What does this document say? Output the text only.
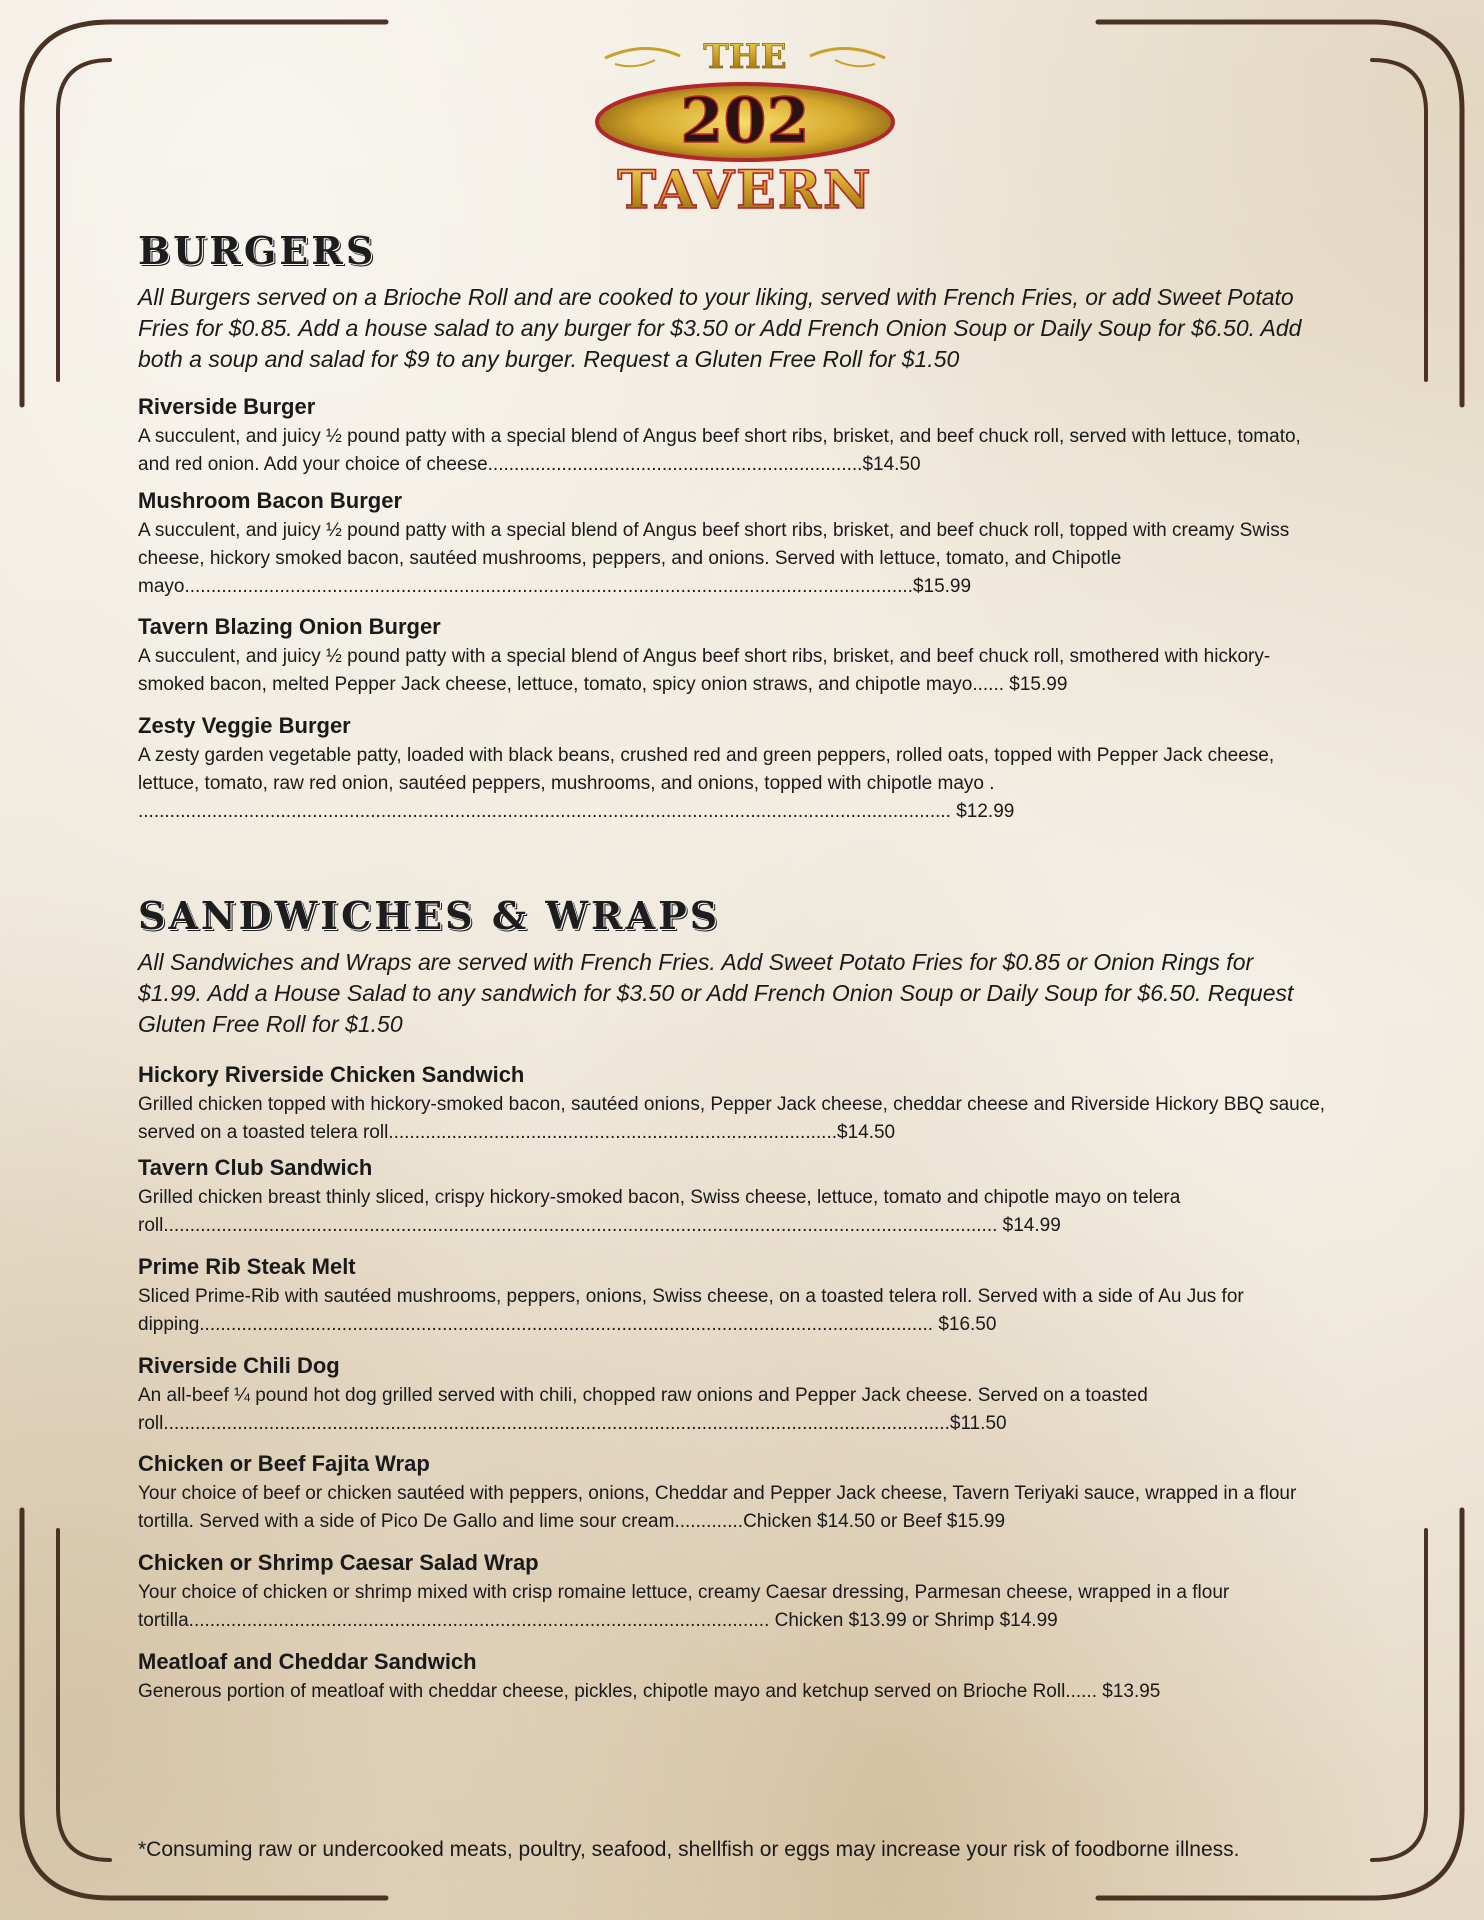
THE
202
TAVERN
BURGERS

All Burgers served on a Brioche Roll and are cooked to your liking, served with French Fries, or add Sweet Potato Fries for $0.85. Add a house salad to any burger for $3.50 or Add French Onion Soup or Daily Soup for $6.50. Add both a soup and salad for $9 to any burger. Request a Gluten Free Roll for $1.50

Riverside Burger
A succulent, and juicy ½ pound patty with a special blend of Angus beef short ribs, brisket, and beef chuck roll, served with lettuce, tomato, and red onion. Add your choice of cheese.......................................................................$14.50
Mushroom Bacon Burger
A succulent, and juicy ½ pound patty with a special blend of Angus beef short ribs, brisket, and beef chuck roll, topped with creamy Swiss cheese, hickory smoked bacon, sautéed mushrooms, peppers, and onions. Served with lettuce, tomato, and Chipotle mayo..........................................................................................................................................$15.99
Tavern Blazing Onion Burger
A succulent, and juicy ½ pound patty with a special blend of Angus beef short ribs, brisket, and beef chuck roll, smothered with hickory-smoked bacon, melted Pepper Jack cheese, lettuce, tomato, spicy onion straws, and chipotle mayo...... $15.99
Zesty Veggie Burger
A zesty garden vegetable patty, loaded with black beans, crushed red and green peppers, rolled oats, topped with Pepper Jack cheese, lettuce, tomato, raw red onion, sautéed peppers, mushrooms, and onions, topped with chipotle mayo . .......................................................................................................................................................... $12.99
SANDWICHES & WRAPS

All Sandwiches and Wraps are served with French Fries. Add Sweet Potato Fries for $0.85 or Onion Rings for $1.99. Add a House Salad to any sandwich for $3.50 or Add French Onion Soup or Daily Soup for $6.50. Request Gluten Free Roll for $1.50

Hickory Riverside Chicken Sandwich
Grilled chicken topped with hickory-smoked bacon, sautéed onions, Pepper Jack cheese, cheddar cheese and Riverside Hickory BBQ sauce, served on a toasted telera roll.....................................................................................$14.50
Tavern Club Sandwich
Grilled chicken breast thinly sliced, crispy hickory-smoked bacon, Swiss cheese, lettuce, tomato and chipotle mayo on telera roll.............................................................................................................................................................. $14.99
Prime Rib Steak Melt
Sliced Prime-Rib with sautéed mushrooms, peppers, onions, Swiss cheese, on a toasted telera roll. Served with a side of Au Jus for dipping........................................................................................................................................... $16.50
Riverside Chili Dog
An all-beef ¼ pound hot dog grilled served with chili, chopped raw onions and Pepper Jack cheese. Served on a toasted roll.....................................................................................................................................................$11.50
Chicken or Beef Fajita Wrap
Your choice of beef or chicken sautéed with peppers, onions, Cheddar and Pepper Jack cheese, Tavern Teriyaki sauce, wrapped in a flour tortilla. Served with a side of Pico De Gallo and lime sour cream.............Chicken $14.50 or Beef $15.99
Chicken or Shrimp Caesar Salad Wrap
Your choice of chicken or shrimp mixed with crisp romaine lettuce, creamy Caesar dressing, Parmesan cheese, wrapped in a flour tortilla.............................................................................................................. Chicken $13.99 or Shrimp $14.99
Meatloaf and Cheddar Sandwich
Generous portion of meatloaf with cheddar cheese, pickles, chipotle mayo and ketchup served on Brioche Roll...... $13.95
*Consuming raw or undercooked meats, poultry, seafood, shellfish or eggs may increase your risk of foodborne illness.
